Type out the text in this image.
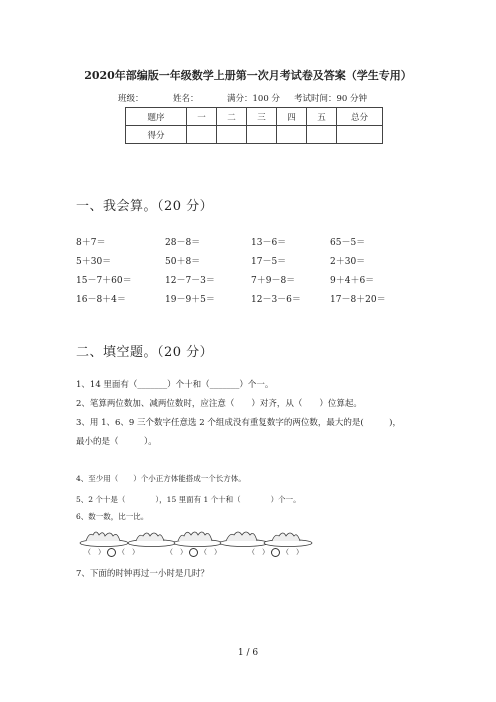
2020年部编版一年级数学上册第一次月考试卷及答案（学生专用）
班级：	姓名：	满分：100 分 考试时间：90 分钟
题序	一	二	三	四	五	总分
得分						
一、我会算。（20 分）
8＋7＝	28－8＝	13－6＝	65－5＝
5＋30＝	50＋8＝	17－5＝	2＋30＝
15－7＋60＝	12－7－3＝	7＋9－8＝	9＋4＋6＝
16－8＋4＝	19－9＋5＝	12－3－6＝	17－8＋20＝
二、填空题。（20 分）
1、14 里面有（_______）个十和（_______）个一。
2、笔算两位数加、减两位数时，应注意（　　）对齐，从（　　）位算起。
3、用 1、6、9 三个数字任意选 2 个组成没有重复数字的两位数，最大的是(　　　)，
最小的是（　　　）。
4、至少用（　　）个小正方体能搭成一个长方体。
5、2 个十是（　　　　），15 里面有 1 个十和（　　　　）个一。
6、数一数，比一比。
（　） （　）	（　） （　）	（　） （　）
7、下面的时钟再过一小时是几时？
1 / 6
